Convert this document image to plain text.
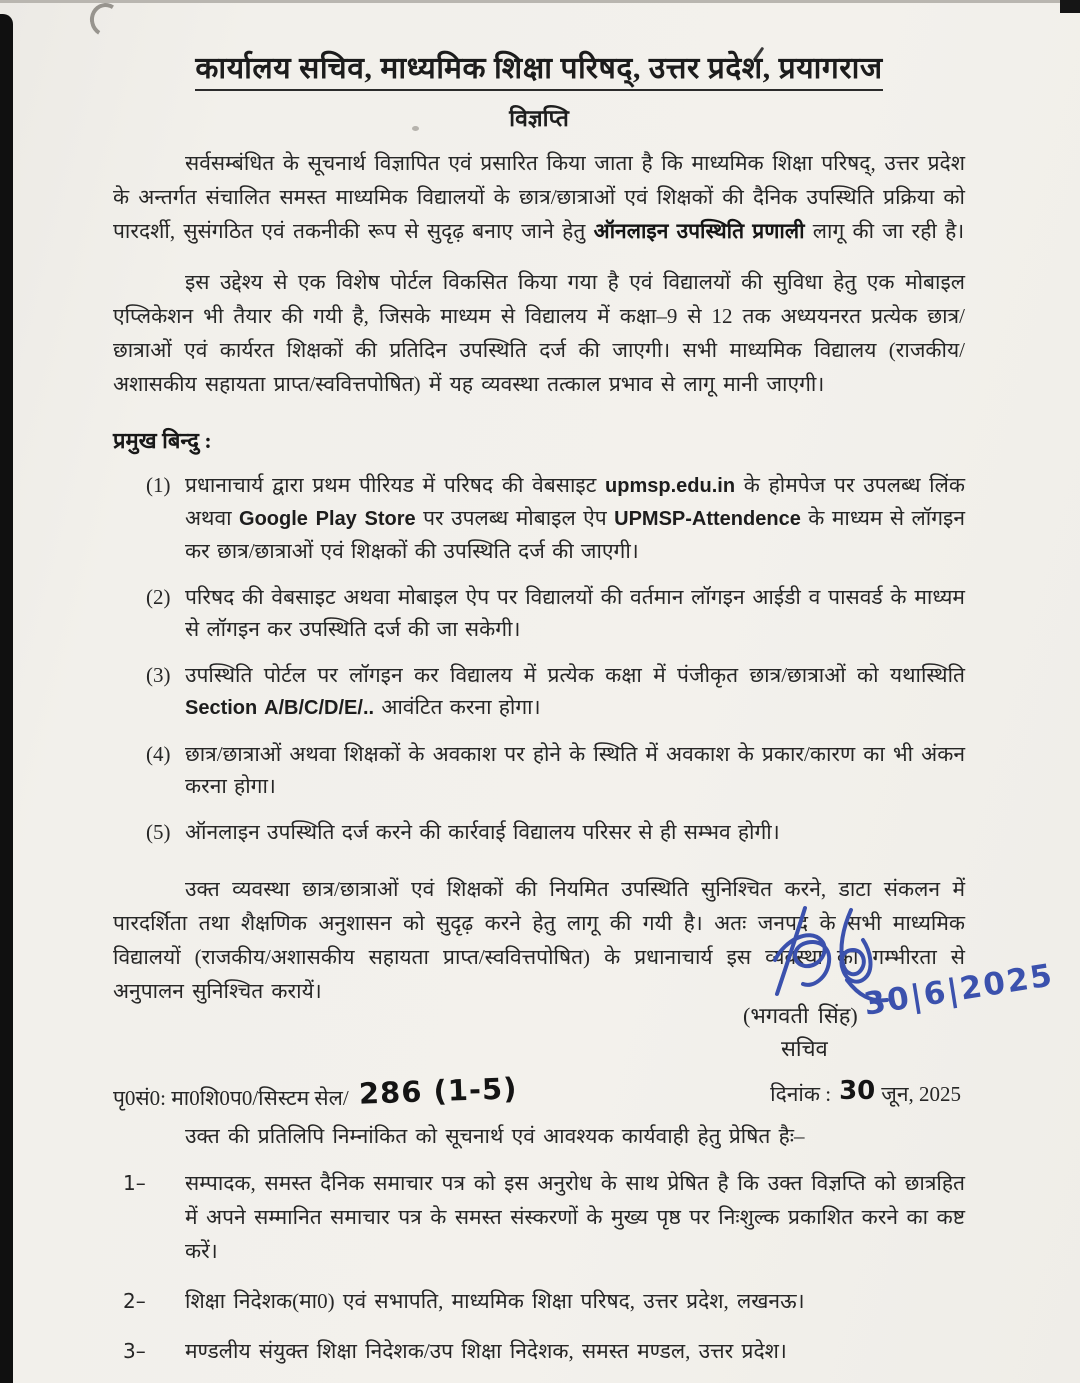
कार्यालय सचिव, माध्यमिक शिक्षा परिषद्, उत्तर प्रदेश, प्रयागराज
विज्ञप्ति

सर्वसम्बंधित के सूचनार्थ विज्ञापित एवं प्रसारित किया जाता है कि माध्यमिक शिक्षा परिषद्, उत्तर प्रदेश के अन्तर्गत संचालित समस्त माध्यमिक विद्यालयों के छात्र/छात्राओं एवं शिक्षकों की दैनिक उपस्थिति प्रक्रिया को पारदर्शी, सुसंगठित एवं तकनीकी रूप से सुदृढ़ बनाए जाने हेतु ऑनलाइन उपस्थिति प्रणाली लागू की जा रही है।

इस उद्देश्य से एक विशेष पोर्टल विकसित किया गया है एवं विद्यालयों की सुविधा हेतु एक मोबाइल एप्लिकेशन भी तैयार की गयी है, जिसके माध्यम से विद्यालय में कक्षा–9 से 12 तक अध्ययनरत प्रत्येक छात्र/छात्राओं एवं कार्यरत शिक्षकों की प्रतिदिन उपस्थिति दर्ज की जाएगी। सभी माध्यमिक विद्यालय (राजकीय/अशासकीय सहायता प्राप्त/स्ववित्तपोषित) में यह व्यवस्था तत्काल प्रभाव से लागू मानी जाएगी।

प्रमुख बिन्दु :
(1) प्रधानाचार्य द्वारा प्रथम पीरियड में परिषद की वेबसाइट upmsp.edu.in के होमपेज पर उपलब्ध लिंक अथवा Google Play Store पर उपलब्ध मोबाइल ऐप UPMSP-Attendence के माध्यम से लॉगइन कर छात्र/छात्राओं एवं शिक्षकों की उपस्थिति दर्ज की जाएगी।
(2) परिषद की वेबसाइट अथवा मोबाइल ऐप पर विद्यालयों की वर्तमान लॉगइन आईडी व पासवर्ड के माध्यम से लॉगइन कर उपस्थिति दर्ज की जा सकेगी।
(3) उपस्थिति पोर्टल पर लॉगइन कर विद्यालय में प्रत्येक कक्षा में पंजीकृत छात्र/छात्राओं को यथास्थिति Section A/B/C/D/E/.. आवंटित करना होगा।
(4) छात्र/छात्राओं अथवा शिक्षकों के अवकाश पर होने के स्थिति में अवकाश के प्रकार/कारण का भी अंकन करना होगा।
(5) ऑनलाइन उपस्थिति दर्ज करने की कार्रवाई विद्यालय परिसर से ही सम्भव होगी।

उक्त व्यवस्था छात्र/छात्राओं एवं शिक्षकों की नियमित उपस्थिति सुनिश्चित करने, डाटा संकलन में पारदर्शिता तथा शैक्षणिक अनुशासन को सुदृढ़ करने हेतु लागू की गयी है। अतः जनपद के सभी माध्यमिक विद्यालयों (राजकीय/अशासकीय सहायता प्राप्त/स्ववित्तपोषित) के प्रधानाचार्य इस व्यवस्था का गम्भीरता से अनुपालन सुनिश्चित करायें।	30|6|2025
(भगवती सिंह)
सचिव
पृ0सं0: मा0शि0प0/सिस्टम सेल/ 286 (1-5)	दिनांक : 30 जून, 2025
उक्त की प्रतिलिपि निम्नांकित को सूचनार्थ एवं आवश्यक कार्यवाही हेतु प्रेषित हैः–
1– सम्पादक, समस्त दैनिक समाचार पत्र को इस अनुरोध के साथ प्रेषित है कि उक्त विज्ञप्ति को छात्रहित में अपने सम्मानित समाचार पत्र के समस्त संस्करणों के मुख्य पृष्ठ पर निःशुल्क प्रकाशित करने का कष्ट करें।
2– शिक्षा निदेशक(मा0) एवं सभापति, माध्यमिक शिक्षा परिषद, उत्तर प्रदेश, लखनऊ।
3– मण्डलीय संयुक्त शिक्षा निदेशक/उप शिक्षा निदेशक, समस्त मण्डल, उत्तर प्रदेश।
